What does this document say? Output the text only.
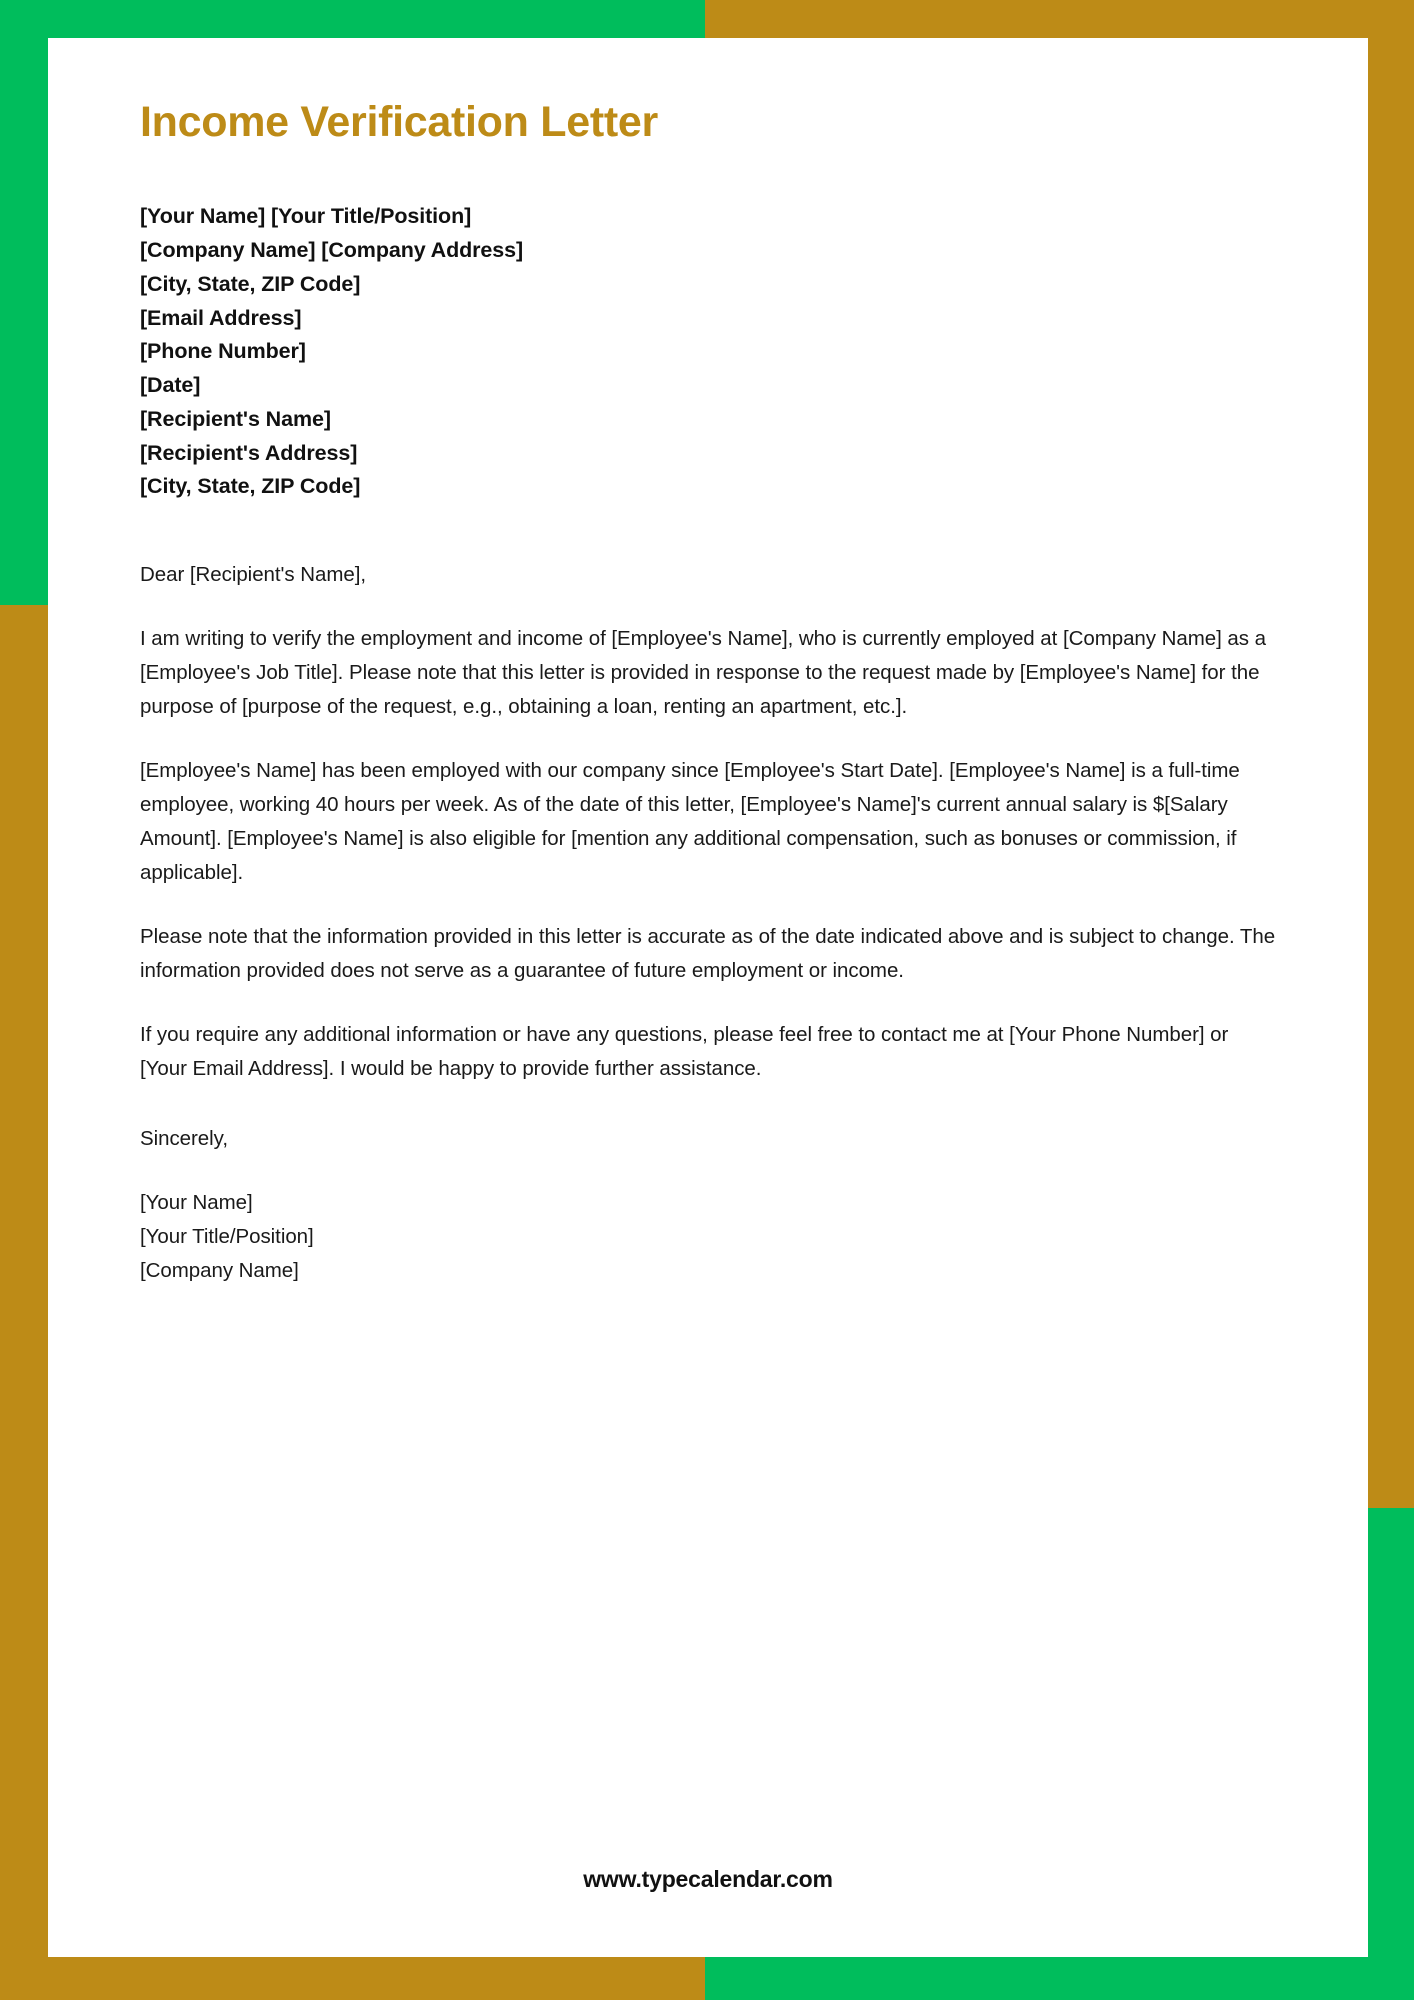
Income Verification Letter
[Your Name] [Your Title/Position]
[Company Name] [Company Address]
[City, State, ZIP Code]
[Email Address]
[Phone Number]
[Date]
[Recipient's Name]
[Recipient's Address]
[City, State, ZIP Code]

Dear [Recipient's Name],

I am writing to verify the employment and income of [Employee's Name], who is currently employed at [Company Name] as a [Employee's Job Title]. Please note that this letter is provided in response to the request made by [Employee's Name] for the purpose of [purpose of the request, e.g., obtaining a loan, renting an apartment, etc.].

[Employee's Name] has been employed with our company since [Employee's Start Date]. [Employee's Name] is a full-time employee, working 40 hours per week. As of the date of this letter, [Employee's Name]'s current annual salary is $[Salary Amount]. [Employee's Name] is also eligible for [mention any additional compensation, such as bonuses or commission, if applicable].

Please note that the information provided in this letter is accurate as of the date indicated above and is subject to change. The information provided does not serve as a guarantee of future employment or income.

If you require any additional information or have any questions, please feel free to contact me at [Your Phone Number] or [Your Email Address]. I would be happy to provide further assistance.

Sincerely,

[Your Name]
[Your Title/Position]
[Company Name]
www.typecalendar.com
